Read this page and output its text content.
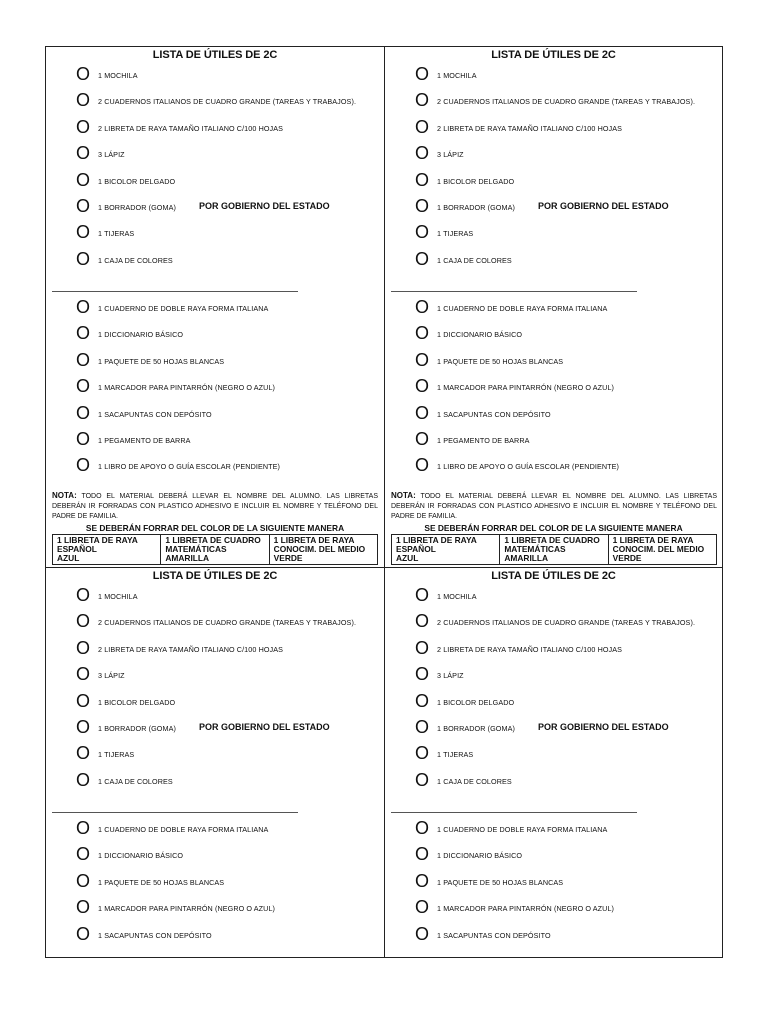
LISTA DE ÚTILES DE 2C
O 1 MOCHILA
O 2 CUADERNOS ITALIANOS DE CUADRO GRANDE (TAREAS Y TRABAJOS).
O 2 LIBRETA DE RAYA TAMAÑO ITALIANO C/100 HOJAS
O 3 LÁPIZ
O 1 BICOLOR DELGADO
O 1 BORRADOR (GOMA)	POR GOBIERNO DEL ESTADO
O 1 TIJERAS
O 1 CAJA DE COLORES
O 1 CUADERNO DE DOBLE RAYA FORMA ITALIANA
O 1 DICCIONARIO BÁSICO
O 1 PAQUETE DE 50 HOJAS BLANCAS
O 1 MARCADOR PARA PINTARRÓN (NEGRO O AZUL)
O 1 SACAPUNTAS CON DEPÓSITO
O 1 PEGAMENTO DE BARRA
O 1 LIBRO DE APOYO O GUÍA ESCOLAR (PENDIENTE)
NOTA: TODO EL MATERIAL DEBERÁ LLEVAR EL NOMBRE DEL ALUMNO. LAS LIBRETAS DEBERÁN IR FORRADAS CON PLASTICO ADHESIVO E INCLUIR EL NOMBRE Y TELÉFONO DEL PADRE DE FAMILIA.
SE DEBERÁN FORRAR DEL COLOR DE LA SIGUIENTE MANERA
1 LIBRETA DE RAYA
ESPAÑOL
AZUL

1 LIBRETA DE CUADRO
MATEMÁTICAS
AMARILLA

1 LIBRETA DE RAYA
CONOCIM. DEL MEDIO
VERDE
LISTA DE ÚTILES DE 2C
O 1 MOCHILA
O 2 CUADERNOS ITALIANOS DE CUADRO GRANDE (TAREAS Y TRABAJOS).
O 2 LIBRETA DE RAYA TAMAÑO ITALIANO C/100 HOJAS
O 3 LÁPIZ
O 1 BICOLOR DELGADO
O 1 BORRADOR (GOMA)	POR GOBIERNO DEL ESTADO
O 1 TIJERAS
O 1 CAJA DE COLORES
O 1 CUADERNO DE DOBLE RAYA FORMA ITALIANA
O 1 DICCIONARIO BÁSICO
O 1 PAQUETE DE 50 HOJAS BLANCAS
O 1 MARCADOR PARA PINTARRÓN (NEGRO O AZUL)
O 1 SACAPUNTAS CON DEPÓSITO
O 1 PEGAMENTO DE BARRA
O 1 LIBRO DE APOYO O GUÍA ESCOLAR (PENDIENTE)
NOTA: TODO EL MATERIAL DEBERÁ LLEVAR EL NOMBRE DEL ALUMNO. LAS LIBRETAS DEBERÁN IR FORRADAS CON PLASTICO ADHESIVO E INCLUIR EL NOMBRE Y TELÉFONO DEL PADRE DE FAMILIA.
SE DEBERÁN FORRAR DEL COLOR DE LA SIGUIENTE MANERA
1 LIBRETA DE RAYA
ESPAÑOL
AZUL

1 LIBRETA DE CUADRO
MATEMÁTICAS
AMARILLA

1 LIBRETA DE RAYA
CONOCIM. DEL MEDIO
VERDE
LISTA DE ÚTILES DE 2C
O 1 MOCHILA
O 2 CUADERNOS ITALIANOS DE CUADRO GRANDE (TAREAS Y TRABAJOS).
O 2 LIBRETA DE RAYA TAMAÑO ITALIANO C/100 HOJAS
O 3 LÁPIZ
O 1 BICOLOR DELGADO
O 1 BORRADOR (GOMA)	POR GOBIERNO DEL ESTADO
O 1 TIJERAS
O 1 CAJA DE COLORES
O 1 CUADERNO DE DOBLE RAYA FORMA ITALIANA
O 1 DICCIONARIO BÁSICO
O 1 PAQUETE DE 50 HOJAS BLANCAS
O 1 MARCADOR PARA PINTARRÓN (NEGRO O AZUL)
O 1 SACAPUNTAS CON DEPÓSITO
LISTA DE ÚTILES DE 2C
O 1 MOCHILA
O 2 CUADERNOS ITALIANOS DE CUADRO GRANDE (TAREAS Y TRABAJOS).
O 2 LIBRETA DE RAYA TAMAÑO ITALIANO C/100 HOJAS
O 3 LÁPIZ
O 1 BICOLOR DELGADO
O 1 BORRADOR (GOMA)	POR GOBIERNO DEL ESTADO
O 1 TIJERAS
O 1 CAJA DE COLORES
O 1 CUADERNO DE DOBLE RAYA FORMA ITALIANA
O 1 DICCIONARIO BÁSICO
O 1 PAQUETE DE 50 HOJAS BLANCAS
O 1 MARCADOR PARA PINTARRÓN (NEGRO O AZUL)
O 1 SACAPUNTAS CON DEPÓSITO
